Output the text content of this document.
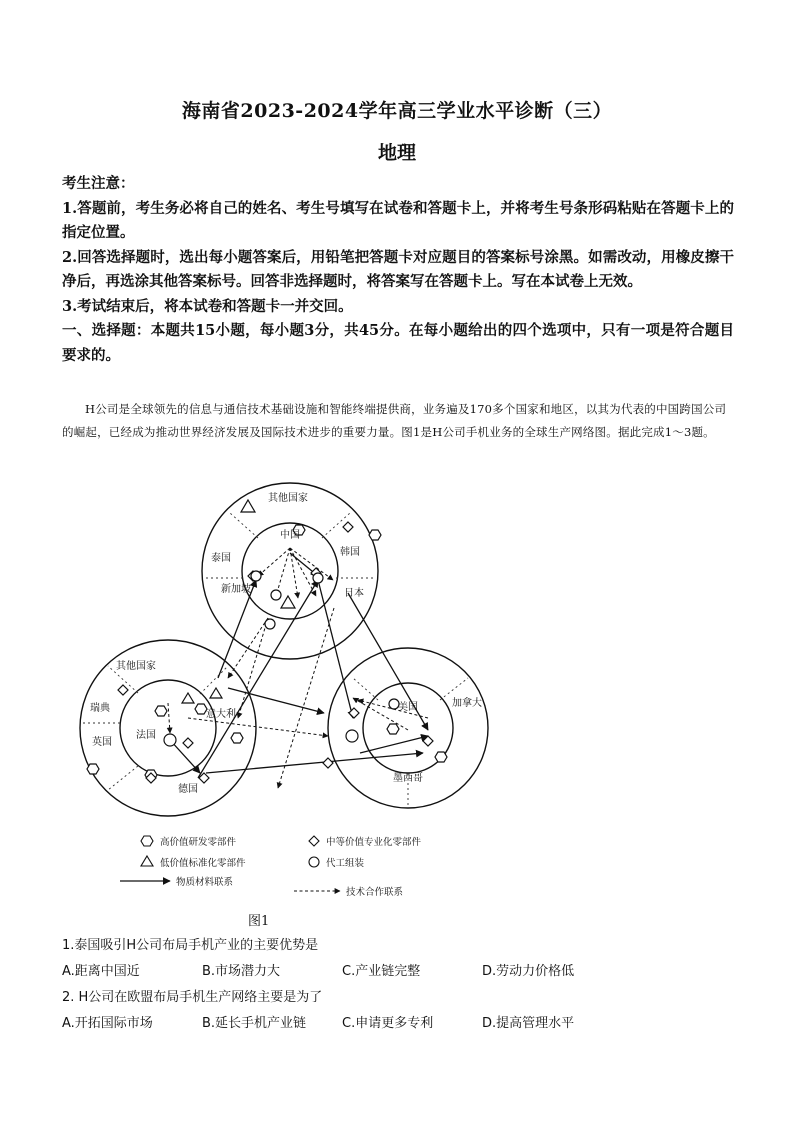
海南省2023-2024学年高三学业水平诊断（三）
地理

考生注意：

1.答题前，考生务必将自己的姓名、考生号填写在试卷和答题卡上，并将考生号条形码粘贴在答题卡上的指定位置。

2.回答选择题时，选出每小题答案后，用铅笔把答题卡对应题目的答案标号涂黑。如需改动，用橡皮擦干净后，再选涂其他答案标号。回答非选择题时，将答案写在答题卡上。写在本试卷上无效。

3.考试结束后，将本试卷和答题卡一并交回。

一、选择题：本题共15小题，每小题3分，共45分。在每小题给出的四个选项中，只有一项是符合题目要求的。

H公司是全球领先的信息与通信技术基础设施和智能终端提供商，业务遍及170多个国家和地区，以其为代表的中国跨国公司的崛起，已经成为推动世界经济发展及国际技术进步的重要力量。图1是H公司手机业务的全球生产网络图。据此完成1～3题。

其他国家
泰国
韩国
新加坡	日本
中国
其他国家
瑞典
英国
意大利
德国
法国
加拿大
墨西哥
美国
高价值研发零部件	中等价值专业化零部件
低价值标准化零部件	代工组装
物质材料联系
技术合作联系
图1
1.泰国吸引H公司布局手机产业的主要优势是
A.距离中国近	B.市场潜力大	C.产业链完整	D.劳动力价格低
2. H公司在欧盟布局手机生产网络主要是为了
A.开拓国际市场	B.延长手机产业链	C.申请更多专利	D.提高管理水平
